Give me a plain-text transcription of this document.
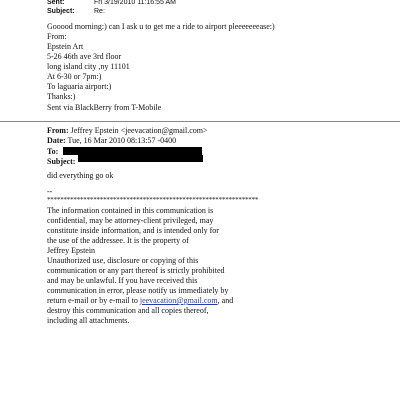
Sent:	Fri 3/19/2010 11:16:55 AM
Subject:	Re:
Gooood morning:) can I ask u to get me a ride to airport pleeeeeeease:)
From:
Epstein Art
5-26 46th ave 3rd floor
long island city ,ny 11101
At 6-30 or 7pm:)
To laguaria airport:)
Thanks:)
Sent via BlackBerry from T-Mobile
From: Jeffrey Epstein <jeevacation@gmail.com>
Date: Tue, 16 Mar 2010 08:13:57 -0400
To:
Subject:
did everything go ok
--
****************************************************************
The information contained in this communication is
confidential, may be attorney-client privileged, may
constitute inside information, and is intended only for
the use of the addressee. It is the property of
Jeffrey Epstein
Unauthorized use, disclosure or copying of this
communication or any part thereof is strictly prohibited
and may be unlawful. If you have received this
communication in error, please notify us immediately by
return e-mail or by e-mail to jeevacation@gmail.com, and
destroy this communication and all copies thereof,
including all attachments.
